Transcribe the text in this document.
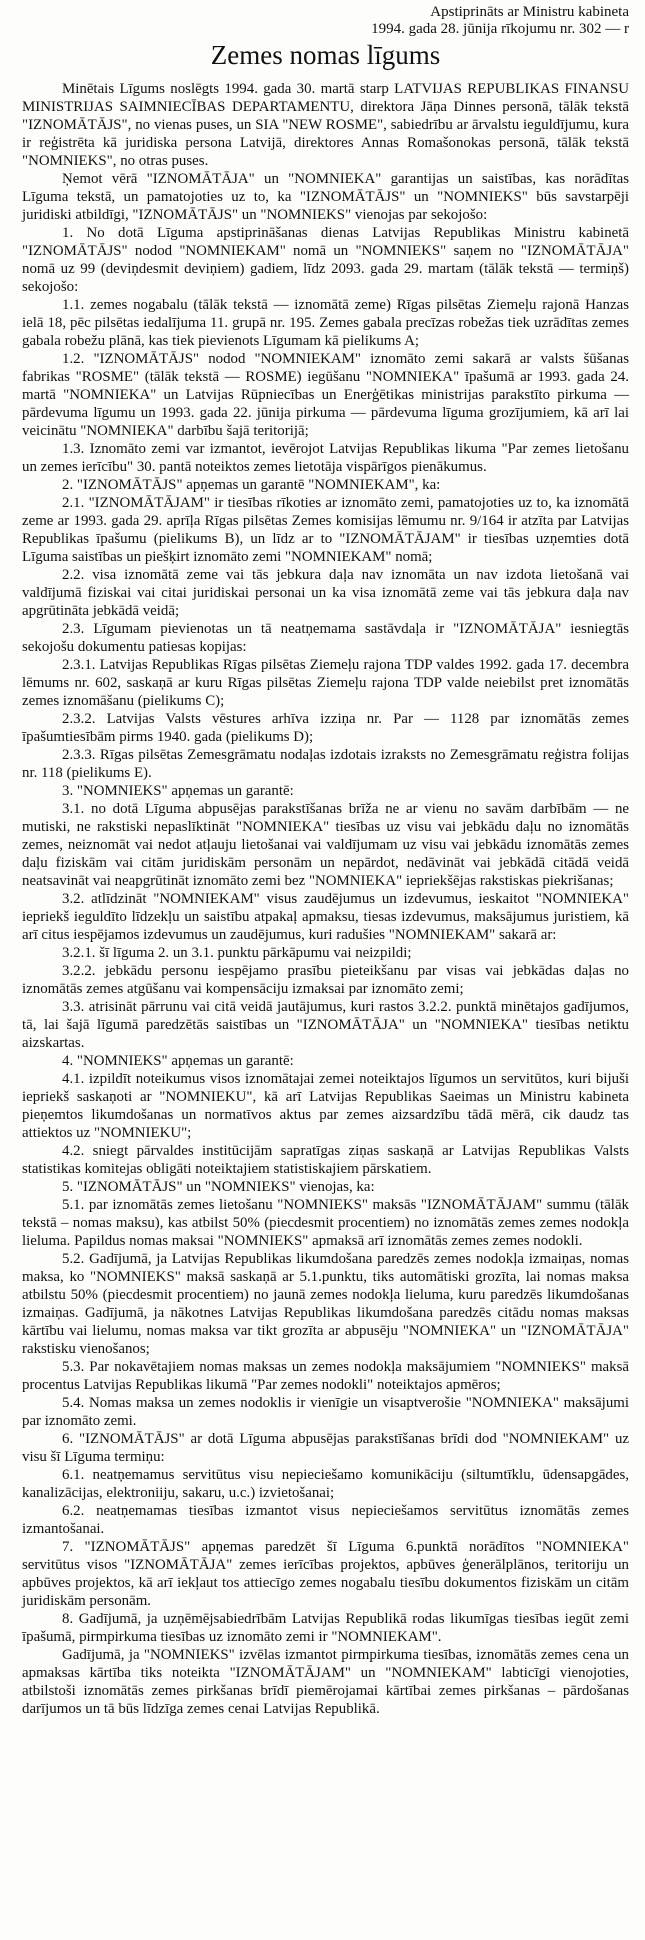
Apstiprināts ar Ministru kabineta
1994. gada 28. jūnija rīkojumu nr. 302 — r
Zemes nomas līgums

Minētais Līgums noslēgts 1994. gada 30. martā starp LATVIJAS REPUBLIKAS FINANSU MINISTRIJAS SAIMNIECĪBAS DEPARTAMENTU, direktora Jāņa Dinnes personā, tālāk tekstā "IZNOMĀTĀJS", no vienas puses, un SIA "NEW ROSME", sabiedrību ar ārvalstu ieguldījumu, kura ir reģistrēta kā juridiska persona Latvijā, direktores Annas Romašonokas personā, tālāk tekstā "NOMNIEKS", no otras puses.

Ņemot vērā "IZNOMĀTĀJA" un "NOMNIEKA" garantijas un saistības, kas norādītas Līguma tekstā, un pamatojoties uz to, ka "IZNOMĀTĀJS" un "NOMNIEKS" būs savstarpēji juridiski atbildīgi, "IZNOMĀTĀJS" un "NOMNIEKS" vienojas par sekojošo:

1. No dotā Līguma apstiprināšanas dienas Latvijas Republikas Ministru kabinetā "IZNOMĀTĀJS" nodod "NOMNIEKAM" nomā un "NOMNIEKS" saņem no "IZNOMĀTĀJA" nomā uz 99 (deviņdesmit deviņiem) gadiem, līdz 2093. gada 29. martam (tālāk tekstā — termiņš) sekojošo:

1.1. zemes nogabalu (tālāk tekstā — iznomātā zeme) Rīgas pilsētas Ziemeļu rajonā Hanzas ielā 18, pēc pilsētas iedalījuma 11. grupā nr. 195. Zemes gabala precīzas robežas tiek uzrādītas zemes gabala robežu plānā, kas tiek pievienots Līgumam kā pielikums A;

1.2. "IZNOMĀTĀJS" nodod "NOMNIEKAM" iznomāto zemi sakarā ar valsts šūšanas fabrikas "ROSME" (tālāk tekstā — ROSME) iegūšanu "NOMNIEKA" īpašumā ar 1993. gada 24. martā "NOMNIEKA" un Latvijas Rūpniecības un Enerģētikas ministrijas parakstīto pirkuma — pārdevuma līgumu un 1993. gada 22. jūnija pirkuma — pārdevuma līguma grozījumiem, kā arī lai veicinātu "NOMNIEKA" darbību šajā teritorijā;

1.3. Iznomāto zemi var izmantot, ievērojot Latvijas Republikas likuma "Par zemes lietošanu un zemes ierīcību" 30. pantā noteiktos zemes lietotāja vispārīgos pienākumus.

2. "IZNOMĀTĀJS" apņemas un garantē "NOMNIEKAM", ka:

2.1. "IZNOMĀTĀJAM" ir tiesības rīkoties ar iznomāto zemi, pamatojoties uz to, ka iznomātā zeme ar 1993. gada 29. aprīļa Rīgas pilsētas Zemes komisijas lēmumu nr. 9/164 ir atzīta par Latvijas Republikas īpašumu (pielikums B), un līdz ar to "IZNOMĀTĀJAM" ir tiesības uzņemties dotā Līguma saistības un piešķirt iznomāto zemi "NOMNIEKAM" nomā;

2.2. visa iznomātā zeme vai tās jebkura daļa nav iznomāta un nav izdota lietošanā vai valdījumā fiziskai vai citai juridiskai personai un ka visa iznomātā zeme vai tās jebkura daļa nav apgrūtināta jebkādā veidā;

2.3. Līgumam pievienotas un tā neatņemama sastāvdaļa ir "IZNOMĀTĀJA" iesniegtās sekojošu dokumentu patiesas kopijas:

2.3.1. Latvijas Republikas Rīgas pilsētas Ziemeļu rajona TDP valdes 1992. gada 17. decembra lēmums nr. 602, saskaņā ar kuru Rīgas pilsētas Ziemeļu rajona TDP valde neiebilst pret iznomātās zemes iznomāšanu (pielikums C);

2.3.2. Latvijas Valsts vēstures arhīva izziņa nr. Par — 1128 par iznomātās zemes īpašumtiesībām pirms 1940. gada (pielikums D);

2.3.3. Rīgas pilsētas Zemesgrāmatu nodaļas izdotais izraksts no Zemesgrāmatu reģistra folijas nr. 118 (pielikums E).

3. "NOMNIEKS" apņemas un garantē:

3.1. no dotā Līguma abpusējas parakstīšanas brīža ne ar vienu no savām darbībām — ne mutiski, ne rakstiski nepaslīktināt "NOMNIEKA" tiesības uz visu vai jebkādu daļu no iznomātās zemes, neiznomāt vai nedot atļauju lietošanai vai valdījumam uz visu vai jebkādu iznomātās zemes daļu fiziskām vai citām juridiskām personām un nepārdot, nedāvināt vai jebkādā citādā veidā neatsavināt vai neapgrūtināt iznomāto zemi bez "NOMNIEKA" iepriekšējas rakstiskas piekrišanas;

3.2. atlīdzināt "NOMNIEKAM" visus zaudējumus un izdevumus, ieskaitot "NOMNIEKA" iepriekš ieguldīto līdzekļu un saistību atpakaļ apmaksu, tiesas izdevumus, maksājumus juristiem, kā arī citus iespējamos izdevumus un zaudējumus, kuri radušies "NOMNIEKAM" sakarā ar:

3.2.1. šī līguma 2. un 3.1. punktu pārkāpumu vai neizpildi;

3.2.2. jebkādu personu iespējamo prasību pieteikšanu par visas vai jebkādas daļas no iznomātās zemes atgūšanu vai kompensāciju izmaksai par iznomāto zemi;

3.3. atrisināt pārrunu vai citā veidā jautājumus, kuri rastos 3.2.2. punktā minētajos gadījumos, tā, lai šajā līgumā paredzētās saistības un "IZNOMĀTĀJA" un "NOMNIEKA" tiesības netiktu aizskartas.

4. "NOMNIEKS" apņemas un garantē:

4.1. izpildīt noteikumus visos iznomātajai zemei noteiktajos līgumos un servitūtos, kuri bijuši iepriekš saskaņoti ar "NOMNIEKU", kā arī Latvijas Republikas Saeimas un Ministru kabineta pieņemtos likumdošanas un normatīvos aktus par zemes aizsardzību tādā mērā, cik daudz tas attiektos uz "NOMNIEKU";

4.2. sniegt pārvaldes institūcijām sapratīgas ziņas saskaņā ar Latvijas Republikas Valsts statistikas komitejas obligāti noteiktajiem statistiskajiem pārskatiem.

5. "IZNOMĀTĀJS" un "NOMNIEKS" vienojas, ka:

5.1. par iznomātās zemes lietošanu "NOMNIEKS" maksās "IZNOMĀTĀJAM" summu (tālāk tekstā – nomas maksu), kas atbilst 50% (piecdesmit procentiem) no iznomātās zemes zemes nodokļa lieluma. Papildus nomas maksai "NOMNIEKS" apmaksā arī iznomātās zemes zemes nodokli.

5.2. Gadījumā, ja Latvijas Republikas likumdošana paredzēs zemes nodokļa izmaiņas, nomas maksa, ko "NOMNIEKS" maksā saskaņā ar 5.1.punktu, tiks automātiski grozīta, lai nomas maksa atbilstu 50% (piecdesmit procentiem) no jaunā zemes nodokļa lieluma, kuru paredzēs likumdošanas izmaiņas. Gadījumā, ja nākotnes Latvijas Republikas likumdošana paredzēs citādu nomas maksas kārtību vai lielumu, nomas maksa var tikt grozīta ar abpusēju "NOMNIEKA" un "IZNOMĀTĀJA" rakstisku vienošanos;

5.3. Par nokavētajiem nomas maksas un zemes nodokļa maksājumiem "NOMNIEKS" maksā procentus Latvijas Republikas likumā "Par zemes nodokli" noteiktajos apmēros;

5.4. Nomas maksa un zemes nodoklis ir vienīgie un visaptverošie "NOMNIEKA" maksājumi par iznomāto zemi.

6. "IZNOMĀTĀJS" ar dotā Līguma abpusējas parakstīšanas brīdi dod "NOMNIEKAM" uz visu šī Līguma termiņu:

6.1. neatņemamus servitūtus visu nepieciešamo komunikāciju (siltumtīklu, ūdensapgādes, kanalizācijas, elektroniiju, sakaru, u.c.) izvietošanai;

6.2. neatņemamas tiesības izmantot visus nepieciešamos servitūtus iznomātās zemes izmantošanai.

7. "IZNOMĀTĀJS" apņemas paredzēt šī Līguma 6.punktā norādītos "NOMNIEKA" servitūtus visos "IZNOMĀTĀJA" zemes ierīcības projektos, apbūves ģenerālplānos, teritoriju un apbūves projektos, kā arī iekļaut tos attiecīgo zemes nogabalu tiesību dokumentos fiziskām un citām juridiskām personām.

8. Gadījumā, ja uzņēmējsabiedrībām Latvijas Republikā rodas likumīgas tiesības iegūt zemi īpašumā, pirmpirkuma tiesības uz iznomāto zemi ir "NOMNIEKAM".

Gadījumā, ja "NOMNIEKS" izvēlas izmantot pirmpirkuma tiesības, iznomātās zemes cena un apmaksas kārtība tiks noteikta "IZNOMĀTĀJAM" un "NOMNIEKAM" labticīgi vienojoties, atbilstoši iznomātās zemes pirkšanas brīdī piemērojamai kārtībai zemes pirkšanas – pārdošanas darījumos un tā būs līdzīga zemes cenai Latvijas Republikā.
